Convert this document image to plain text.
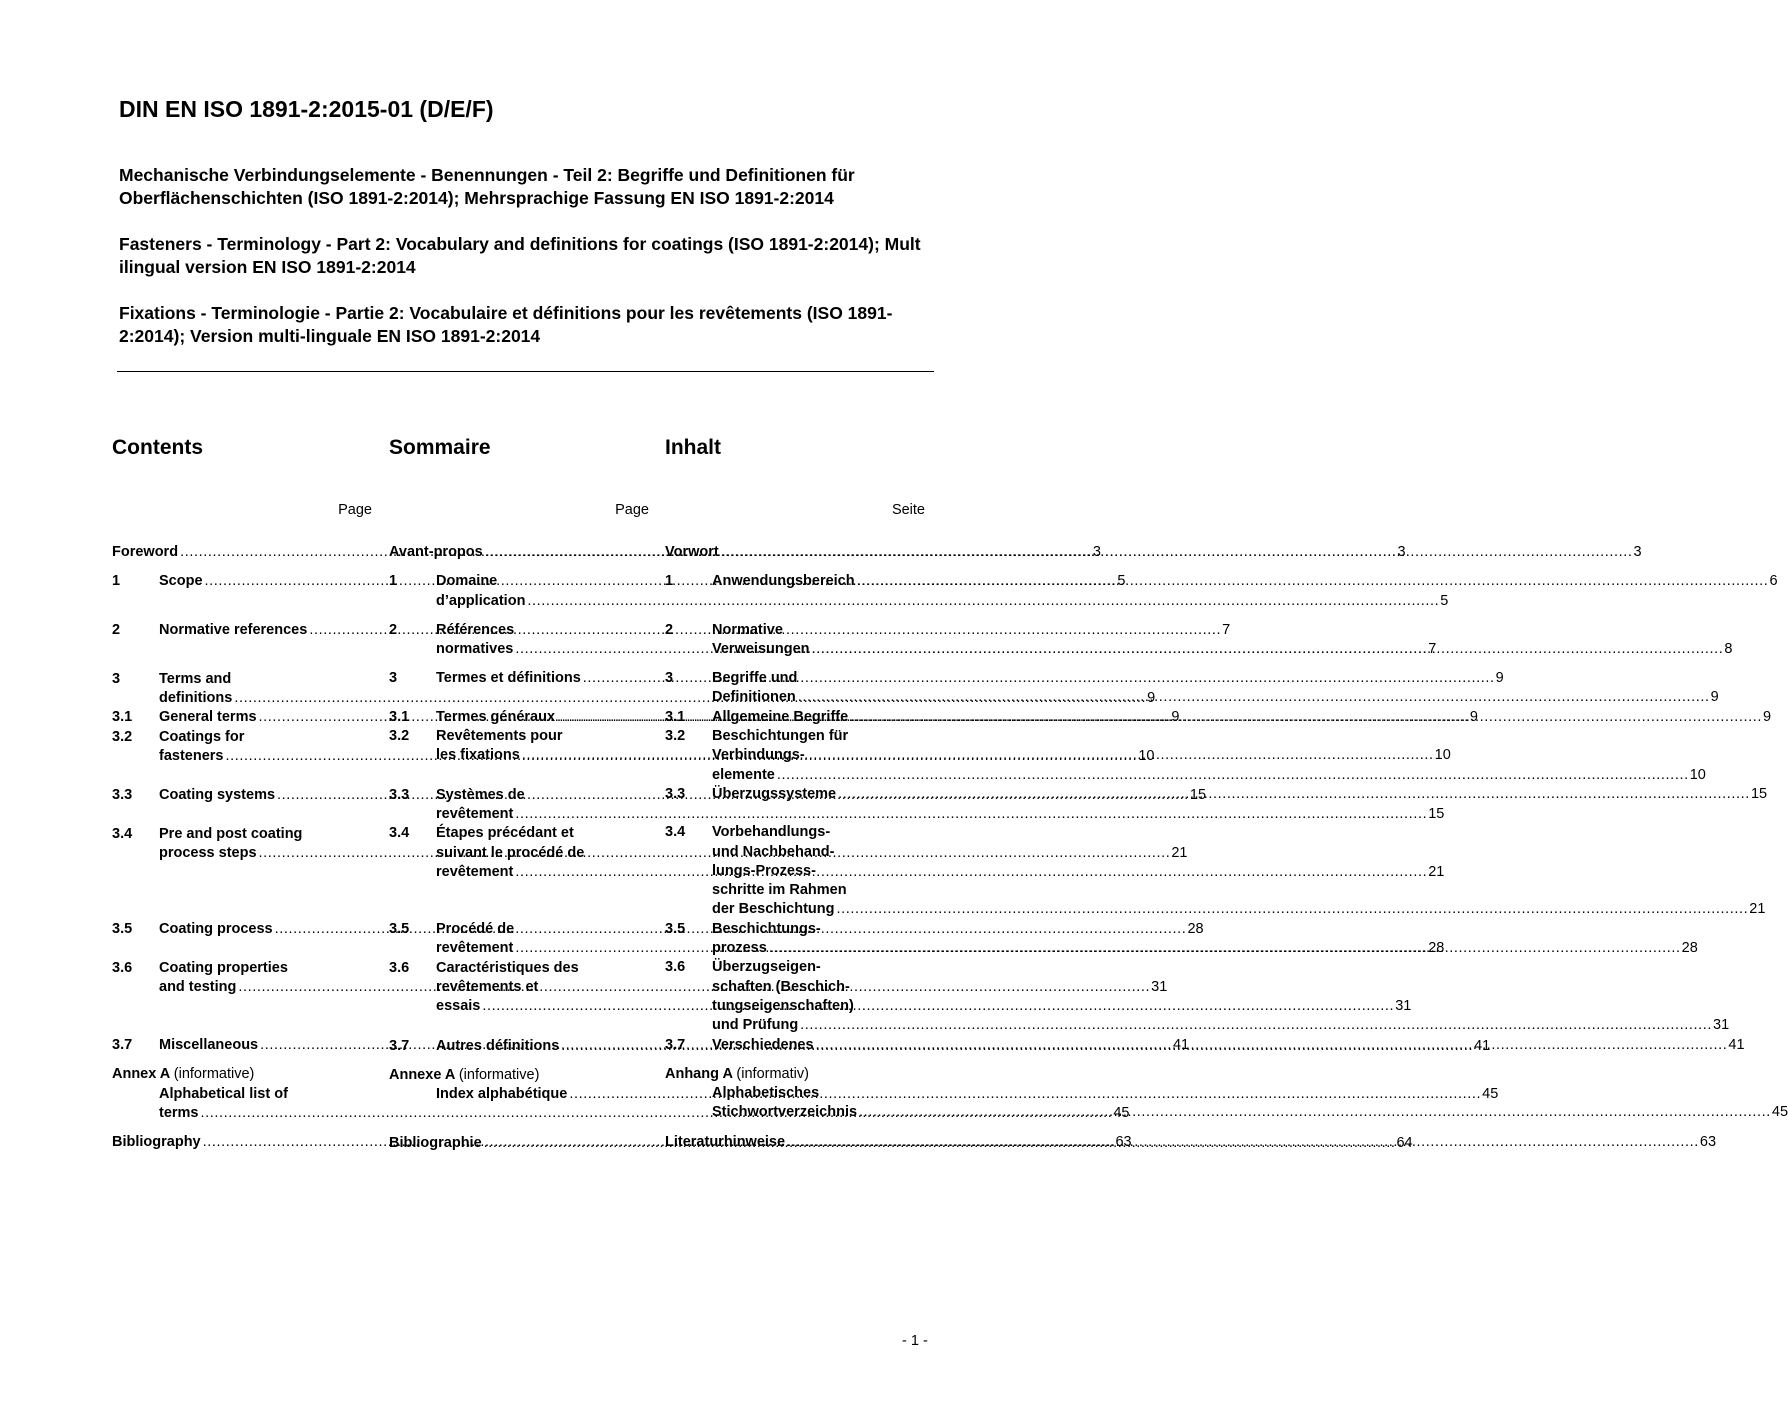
DIN EN ISO 1891-2:2015-01 (D/E/F)

Mechanische Verbindungselemente - Benennungen - Teil 2: Begriffe und Definitionen für Oberflächenschichten (ISO 1891-2:2014); Mehrsprachige Fassung EN ISO 1891-2:2014

Fasteners - Terminology - Part 2: Vocabulary and definitions for coatings (ISO 1891-2:2014); Mult ilingual version EN ISO 1891-2:2014

Fixations - Terminologie - Partie 2: Vocabulaire et définitions pour les revêtements (ISO 1891-2:2014); Version multi-linguale EN ISO 1891-2:2014

Contents
Page
Foreword .....	3
1	Scope .....	5
2	Normative references .....	7
3	Terms and
definitions .....	9
3.1	General terms .....	9
3.2	Coatings for
fasteners .....	10
3.3	Coating systems .....	15
3.4	Pre and post coating
process steps .....	21
3.5	Coating process .....	28
3.6	Coating properties
and testing .....	31
3.7	Miscellaneous .....	41
Annex A (informative)
Alphabetical list of
terms .....	45
Bibliography .....	63
Sommaire
Page
Avant-propos .....	3
1	Domaine
d’application .....	5
2	Références
normatives .....	7
3	Termes et définitions .....	9
3.1	Termes généraux .....	9
3.2	Revêtements pour
les fixations .....	10
3.3	Systèmes de
revêtement .....	15
3.4	Étapes précédant et
suivant le procédé de
revêtement .....	21
3.5	Procédé de
revêtement .....	28
3.6	Caractéristiques des
revêtements et
essais .....	31
3.7	Autres définitions .....	41
Annexe A (informative)
Index alphabétique .....	45
Bibliographie .....	64
Inhalt
Seite
Vorwort .....	3
1	Anwendungsbereich .....	6
2	Normative
Verweisungen .....	8
3	Begriffe und
Definitionen .....	9
3.1	Allgemeine Begriffe .....	9
3.2	Beschichtungen für
Verbindungs-
elemente .....	10
3.3	Überzugssysteme .....	15
3.4	Vorbehandlungs-
und Nachbehand-
lungs-Prozess-
schritte im Rahmen
der Beschichtung .....	21
3.5	Beschichtungs-
prozess .....	28
3.6	Überzugseigen-
schaften (Beschich-
tungseigenschaften)
und Prüfung .....	31
3.7	Verschiedenes .....	41
Anhang A (informativ)
Alphabetisches
Stichwortverzeichnis .....	45
Literaturhinweise .....	63
- 1 -
